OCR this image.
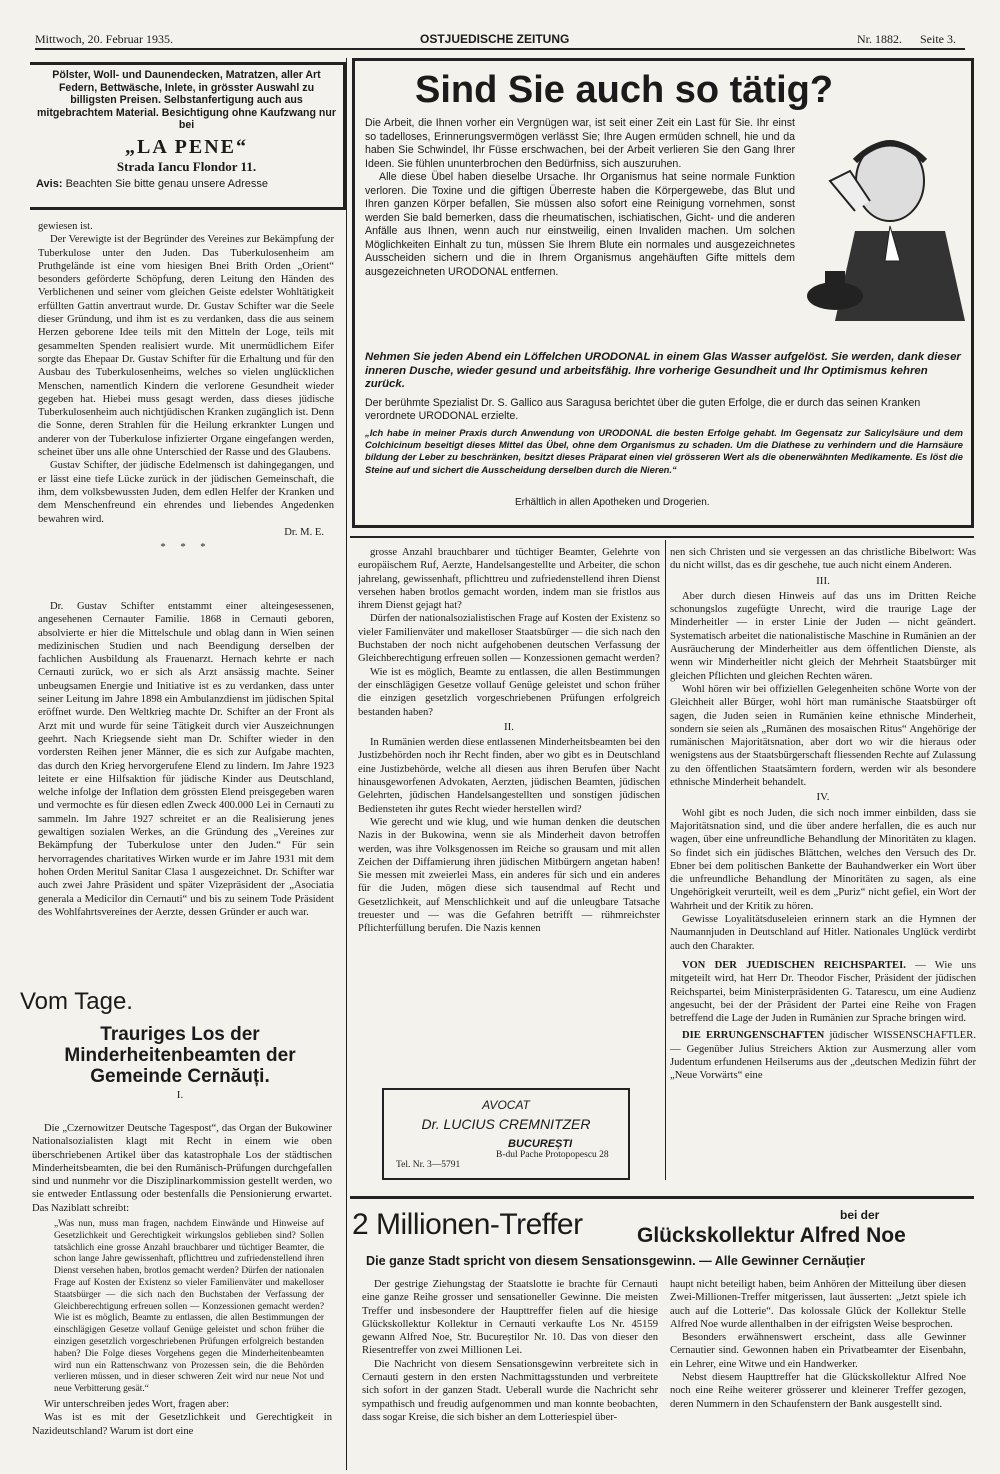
Mittwoch, 20. Februar 1935.	OSTJUEDISCHE ZEITUNG	Nr. 1882. Seite 3.
Pölster, Woll- und Daunendecken, Matratzen, aller Art Federn, Bettwäsche, Inlete, in grösster Auswahl zu billigsten Preisen. Selbstanfertigung auch aus mitgebrachtem Material. Besichtigung ohne Kaufzwang nur bei
„LA PENE“
Strada Iancu Flondor 11.
Avis: Beachten Sie bitte genau unsere Adresse

gewiesen ist.

Der Verewigte ist der Begründer des Vereines zur Bekämpfung der Tuberkulose unter den Juden. Das Tuberkulosenheim am Pruthgelände ist eine vom hiesigen Bnei Brith Orden „Orient“ besonders geförderte Schöpfung, deren Leitung den Händen des Verblichenen und seiner vom gleichen Geiste edelster Wohltätigkeit erfüllten Gattin anvertraut wurde. Dr. Gustav Schifter war die Seele dieser Gründung, und ihm ist es zu verdanken, dass die aus seinem Herzen geborene Idee teils mit den Mitteln der Loge, teils mit gesammelten Spenden realisiert wurde. Mit unermüdlichem Eifer sorgte das Ehepaar Dr. Gustav Schifter für die Erhaltung und für den Ausbau des Tuberkulosenheims, welches so vielen unglücklichen Menschen, namentlich Kindern die verlorene Gesundheit wieder gegeben hat. Hiebei muss gesagt werden, dass dieses jüdische Tuberkulosenheim auch nichtjüdischen Kranken zugänglich ist. Denn die Sonne, deren Strahlen für die Heilung erkrankter Lungen und anderer von der Tuberkulose infizierter Organe eingefangen werden, scheinet über uns alle ohne Unterschied der Rasse und des Glaubens.

Gustav Schifter, der jüdische Edelmensch ist dahingegangen, und er lässt eine tiefe Lücke zurück in der jüdischen Gemeinschaft, die ihm, dem volksbewussten Juden, dem edlen Helfer der Kranken und dem Menschenfreund ein ehrendes und liebendes Angedenken bewahren wird.

Dr. M. E.
* * *

Dr. Gustav Schifter entstammt einer alteingesessenen, angesehenen Cernauter Familie. 1868 in Cernauti geboren, absolvierte er hier die Mittelschule und oblag dann in Wien seinen medizinischen Studien und nach Beendigung derselben der fachlichen Ausbildung als Frauenarzt. Hernach kehrte er nach Cernauti zurück, wo er sich als Arzt ansässig machte. Seiner unbeugsamen Energie und Initiative ist es zu verdanken, dass unter seiner Leitung im Jahre 1898 ein Ambulanzdienst im jüdischen Spital eröffnet wurde. Den Weltkrieg machte Dr. Schifter an der Front als Arzt mit und wurde für seine Tätigkeit durch vier Auszeichnungen geehrt. Nach Kriegsende sieht man Dr. Schifter wieder in den vordersten Reihen jener Männer, die es sich zur Aufgabe machten, das durch den Krieg hervorgerufene Elend zu lindern. Im Jahre 1923 leitete er eine Hilfsaktion für jüdische Kinder aus Deutschland, welche infolge der Inflation dem grössten Elend preisgegeben waren und vermochte es für diesen edlen Zweck 400.000 Lei in Cernauti zu sammeln. Im Jahre 1927 schreitet er an die Realisierung jenes gewaltigen sozialen Werkes, an die Gründung des „Vereines zur Bekämpfung der Tuberkulose unter den Juden.“ Für sein hervorragendes charitatives Wirken wurde er im Jahre 1931 mit dem hohen Orden Meritul Sanitar Clasa 1 ausgezeichnet. Dr. Schifter war auch zwei Jahre Präsident und später Vizepräsident der „Asociatia generala a Medicilor din Cernauti“ und bis zu seinem Tode Präsident des Wohlfahrtsvereines der Aerzte, dessen Gründer er auch war.

Vom Tage.
Trauriges Los der Minderheitenbeamten der Gemeinde Cernăuți.
I.

Die „Czernowitzer Deutsche Tagespost“, das Organ der Bukowiner Nationalsozialisten klagt mit Recht in einem wie oben überschriebenen Artikel über das katastrophale Los der städtischen Minderheitsbeamten, die bei den Rumänisch-Prüfungen durchgefallen sind und nunmehr vor die Disziplinarkommission gestellt werden, wo sie entweder Entlassung oder bestenfalls die Pensionierung erwartet. Das Naziblatt schreibt:

„Was nun, muss man fragen, nachdem Einwände und Hinweise auf Gesetzlichkeit und Gerechtigkeit wirkungslos geblieben sind? Sollen tatsächlich eine grosse Anzahl brauchbarer und tüchtiger Beamter, die schon lange Jahre gewissenhaft, pflichttreu und zufriedenstellend ihren Dienst versehen haben, brotlos gemacht werden? Dürfen der nationalen Frage auf Kosten der Existenz so vieler Familienväter und makelloser Staatsbürger — die sich nach den Buchstaben der Verfassung der Gleichberechtigung erfreuen sollen — Konzessionen gemacht werden? Wie ist es möglich, Beamte zu entlassen, die allen Bestimmungen der einschlägigen Gesetze vollauf Genüge geleistet und schon früher die einzigen gesetzlich vorgeschriebenen Prüfungen erfolgreich bestanden haben? Die Folge dieses Vorgehens gegen die Minderheitenbeamten wird nun ein Rattenschwanz von Prozessen sein, die die Behörden verlieren müssen, und in dieser schweren Zeit wird nur neue Not und neue Verbitterung gesät.“

Wir unterschreiben jedes Wort, fragen aber:

Was ist es mit der Gesetzlichkeit und Gerechtigkeit in Nazideutschland? Warum ist dort eine

Sind Sie auch so tätig?
Die Arbeit, die Ihnen vorher ein Vergnügen war, ist seit einer Zeit ein Last für Sie. Ihr einst so tadelloses, Erinnerungsvermögen verlässt Sie; Ihre Augen ermüden schnell, hie und da haben Sie Schwindel, Ihr Füsse erschwachen, bei der Arbeit verlieren Sie den Gang Ihrer Ideen. Sie fühlen ununterbrochen den Bedürfniss, sich auszuruhen.
Alle diese Übel haben dieselbe Ursache. Ihr Organismus hat seine normale Funktion verloren. Die Toxine und die giftigen Überreste haben die Körpergewebe, das Blut und Ihren ganzen Körper befallen, Sie müssen also sofort eine Reinigung vornehmen, sonst werden Sie bald bemerken, dass die rheumatischen, ischiatischen, Gicht- und die anderen Anfälle aus Ihnen, wenn auch nur einstweilig, einen Invaliden machen. Um solchen Möglichkeiten Einhalt zu tun, müssen Sie Ihrem Blute ein normales und ausgezeichnetes Ausscheiden sichern und die in Ihrem Organismus angehäuften Gifte mittels dem ausgezeichneten URODONAL entfernen.
Nehmen Sie jeden Abend ein Löffelchen URODONAL in einem Glas Wasser aufgelöst. Sie werden, dank dieser inneren Dusche, wieder gesund und arbeitsfähig. Ihre vorherige Gesundheit und Ihr Optimismus kehren zurück.
Der berühmte Spezialist Dr. S. Gallico aus Saragusa berichtet über die guten Erfolge, die er durch das seinen Kranken verordnete URODONAL erzielte.
„Ich habe in meiner Praxis durch Anwendung von URODONAL die besten Erfolge gehabt. Im Gegensatz zur Salicylsäure und dem Colchicinum beseitigt dieses Mittel das Übel, ohne dem Organismus zu schaden. Um die Diathese zu verhindern und die Harnsäure bildung der Leber zu beschränken, besitzt dieses Präparat einen viel grösseren Wert als die obenerwähnten Medikamente. Es löst die Steine auf und sichert die Ausscheidung derselben durch die Nieren.“
Erhältlich in allen Apotheken und Drogerien.

grosse Anzahl brauchbarer und tüchtiger Beamter, Gelehrte von europäischem Ruf, Aerzte, Handelsangestellte und Arbeiter, die schon jahrelang, gewissenhaft, pflichttreu und zufriedenstellend ihren Dienst versehen haben brotlos gemacht worden, indem man sie fristlos aus ihrem Dienst gejagt hat?

Dürfen der nationalsozialistischen Frage auf Kosten der Existenz so vieler Familienväter und makelloser Staatsbürger — die sich nach den Buchstaben der noch nicht aufgehobenen deutschen Verfassung der Gleichberechtigung erfreuen sollen — Konzessionen gemacht werden?

Wie ist es möglich, Beamte zu entlassen, die allen Bestimmungen der einschlägigen Gesetze vollauf Genüge geleistet und schon früher die einzigen gesetzlich vorgeschriebenen Prüfungen erfolgreich bestanden haben?

II.

In Rumänien werden diese entlassenen Minderheitsbeamten bei den Justizbehörden noch ihr Recht finden, aber wo gibt es in Deutschland eine Justizbehörde, welche all diesen aus ihren Berufen über Nacht hinausgeworfenen Advokaten, Aerzten, jüdischen Beamten, jüdischen Gelehrten, jüdischen Handelsangestellten und sonstigen jüdischen Bediensteten ihr gutes Recht wieder herstellen wird?

Wie gerecht und wie klug, und wie human denken die deutschen Nazis in der Bukowina, wenn sie als Minderheit davon betroffen werden, was ihre Volksgenossen im Reiche so grausam und mit allen Zeichen der Diffamierung ihren jüdischen Mitbürgern angetan haben! Sie messen mit zweierlei Mass, ein anderes für sich und ein anderes für die Juden, mögen diese sich tausendmal auf Recht und Gesetzlichkeit, auf Menschlichkeit und auf die unleugbare Tatsache treuester und — was die Gefahren betrifft — rühmreichster Pflichterfüllung berufen. Die Nazis kennen

AVOCAT
Dr. LUCIUS CREMNITZER
BUCUREȘTI
B-dul Pache Protopopescu 28
Tel. Nr. 3—5791

nen sich Christen und sie vergessen an das christliche Bibelwort: Was du nicht willst, das es dir geschehe, tue auch nicht einem Anderen.

III.

Aber durch diesen Hinweis auf das uns im Dritten Reiche schonungslos zugefügte Unrecht, wird die traurige Lage der Minderheitler — in erster Linie der Juden — nicht geändert. Systematisch arbeitet die nationalistische Maschine in Rumänien an der Ausräucherung der Minderheitler aus dem öffentlichen Dienste, als wenn wir Minderheitler nicht gleich der Mehrheit Staatsbürger mit gleichen Pflichten und gleichen Rechten wären.

Wohl hören wir bei offiziellen Gelegenheiten schöne Worte von der Gleichheit aller Bürger, wohl hört man rumänische Staatsbürger oft sagen, die Juden seien in Rumänien keine ethnische Minderheit, sondern sie seien als „Rumänen des mosaischen Ritus“ Angehörige der rumänischen Majoritätsnation, aber dort wo wir die hieraus oder wenigstens aus der Staatsbürgerschaft fliessenden Rechte auf Zulassung zu den öffentlichen Staatsämtern fordern, werden wir als besondere ethnische Minderheit behandelt.

IV.

Wohl gibt es noch Juden, die sich noch immer einbilden, dass sie Majoritätsnation sind, und die über andere herfallen, die es auch nur wagen, über eine unfreundliche Behandlung der Minoritäten zu klagen. So findet sich ein jüdisches Blättchen, welches den Versuch des Dr. Ebner bei dem politischen Bankette der Bauhandwerker ein Wort über die unfreundliche Behandlung der Minoritäten zu sagen, als eine Ungehörigkeit verurteilt, weil es dem „Puriz“ nicht gefiel, ein Wort der Wahrheit und der Kritik zu hören.

Gewisse Loyalitätsduseleien erinnern stark an die Hymnen der Naumannjuden in Deutschland auf Hitler. Nationales Unglück verdirbt auch den Charakter.

VON DER JUEDISCHEN REICHSPARTEI. — Wie uns mitgeteilt wird, hat Herr Dr. Theodor Fischer, Präsident der jüdischen Reichspartei, beim Ministerpräsidenten G. Tatarescu, um eine Audienz angesucht, bei der der Präsident der Partei eine Reihe von Fragen betreffend die Lage der Juden in Rumänien zur Sprache bringen wird.

DIE ERRUNGENSCHAFTEN jüdischer WISSENSCHAFTLER. — Gegenüber Julius Streichers Aktion zur Ausmerzung aller vom Judentum erfundenen Heilserums aus der „deutschen Medizin führt der „Neue Vorwärts“ eine

2 Millionen-Treffer	bei der
Glückskollektur Alfred Noe
Die ganze Stadt spricht von diesem Sensationsgewinn. — Alle Gewinner Cernăuțier

Der gestrige Ziehungstag der Staatslotte ie brachte für Cernauti eine ganze Reihe grosser und sensationeller Gewinne. Die meisten Treffer und insbesondere der Haupttreffer fielen auf die hiesige Glückskollektur Kollektur in Cernauti verkaufte Los Nr. 45159 gewann Alfred Noe, Str. Bucureștilor Nr. 10. Das von dieser den Riesentreffer von zwei Millionen Lei.

Die Nachricht von diesem Sensationsgewinn verbreitete sich in Cernauti gestern in den ersten Nachmittagsstunden und verbreitete sich sofort in der ganzen Stadt. Ueberall wurde die Nachricht sehr sympathisch und freudig aufgenommen und man konnte beobachten, dass sogar Kreise, die sich bisher an dem Lotteriespiel über-

haupt nicht beteiligt haben, beim Anhören der Mitteilung über diesen Zwei-Millionen-Treffer mitgerissen, laut äusserten: „Jetzt spiele ich auch auf die Lotterie“. Das kolossale Glück der Kollektur Stelle Alfred Noe wurde allenthalben in der eifrigsten Weise besprochen.

Besonders erwähnenswert erscheint, dass alle Gewinner Cernautier sind. Gewonnen haben ein Privatbeamter der Eisenbahn, ein Lehrer, eine Witwe und ein Handwerker.

Nebst diesem Haupttreffer hat die Glückskollektur Alfred Noe noch eine Reihe weiterer grösserer und kleinerer Treffer gezogen, deren Nummern in den Schaufenstern der Bank ausgestellt sind.
